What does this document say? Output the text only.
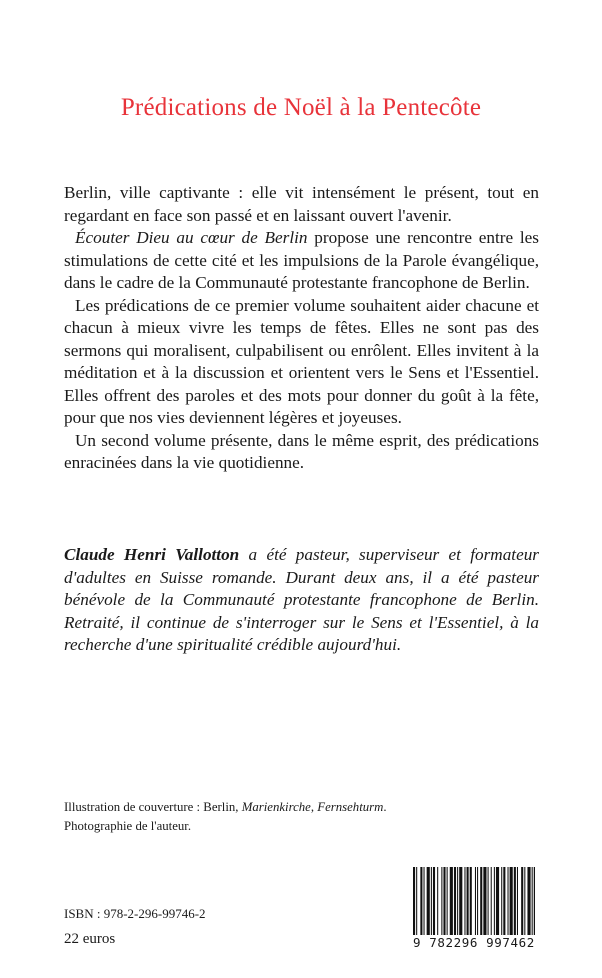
Prédications de Noël à la Pentecôte

Berlin, ville captivante : elle vit intensément le présent, tout en regardant en face son passé et en laissant ouvert l'avenir.

Écouter Dieu au cœur de Berlin propose une rencontre entre les stimulations de cette cité et les impulsions de la Parole évangélique, dans le cadre de la Communauté protestante francophone de Berlin.

Les prédications de ce premier volume souhaitent aider chacune et chacun à mieux vivre les temps de fêtes. Elles ne sont pas des sermons qui moralisent, culpabilisent ou enrôlent. Elles invitent à la méditation et à la discussion et orientent vers le Sens et l'Essentiel. Elles offrent des paroles et des mots pour donner du goût à la fête, pour que nos vies deviennent légères et joyeuses.

Un second volume présente, dans le même esprit, des prédications enracinées dans la vie quotidienne.

Claude Henri Vallotton a été pasteur, superviseur et formateur d'adultes en Suisse romande. Durant deux ans, il a été pasteur bénévole de la Communauté protestante francophone de Berlin. Retraité, il continue de s'interroger sur le Sens et l'Essentiel, à la recherche d'une spiritualité crédible aujourd'hui.

Illustration de couverture : Berlin, Marienkirche, Fernsehturm.

Photographie de l'auteur.

ISBN : 978-2-296-99746-2
22 euros	9 782296 997462
